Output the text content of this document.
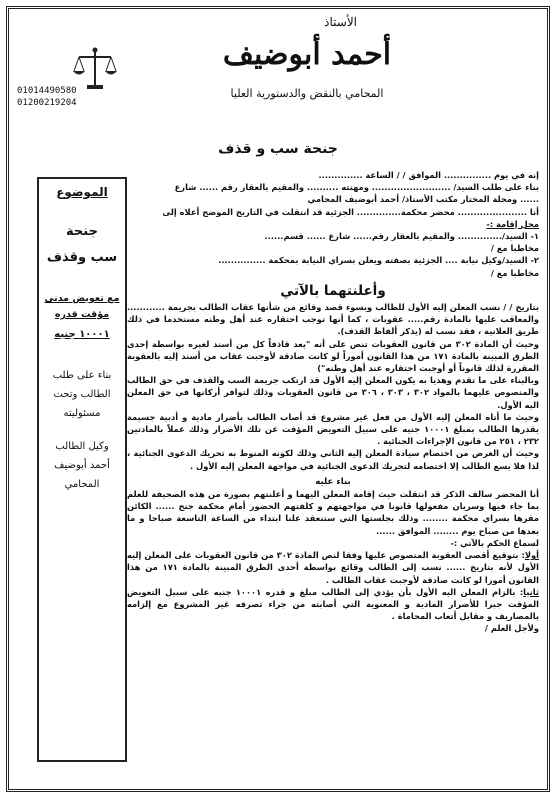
الأستاذ
أحمد أبوضيف
المحامي بالنقض والدستورية العليا
01014490580
01200219204
جنحة سب و قذف

إنه في يوم ............... الموافق / / الساعة ..............

بناء على طلب السيد/ ......................... ومهنته .......... والمقيم بالعقار رقم ...... شارع

...... ومحلة المختار مكتب الأستاذ/ أحمد أبوضيف المحامي

أنا ...................... محضر محكمة.............. الجزئية قد انتقلت في التاريخ الموضح أعلاه إلى

محل إقامة :-

١- السيد/.............. والمقيم بالعقار رقم...... شارع ...... قسم......

مخاطبا مع /

٢- السيد/وكيل نيابة .... الجزئية بصفته ويعلن بسراي النيابة بمحكمة ...............

مخاطبا مع /

وأعلنتهما بالآتي

بتاريخ / / نسب المعلن إليه الأول للطالب وبسوء قصد وقائع من شأنها عقاب الطالب بجريمة ............ والمعاقب عليها بالمادة رقم..... عقوبات ، كما أنها توجب احتقاره عند أهل وطنه مستخدما في ذلك طريق العلانية ، فقد نسب له (يذكر ألفاظ القذف).

وحيث أن المادة ٣٠٢ من قانون العقوبات تنص على أنه "يعد قاذفاً كل من أسند لغيره بواسطة إحدى الطرق المبينة بالمادة ١٧١ من هذا القانون أموراً لو كانت صادقة لأوجبت عقاب من أسند إليه بالعقوبة المقررة لذلك قانوناً أو أوجبت احتقاره عند أهل وطنه")

وبالبناء على ما تقدم وهديا به يكون المعلن إليه الأول قد ارتكب جريمة السب والقذف في حق الطالب والمنصوص عليهما بالمواد ٣٠٢ ، ٣٠٣ ، ٣٠٦ من قانون العقوبات وذلك لتوافر أركانها في حق المعلن اليه الأول.

وحيث ما أتاه المعلن إليه الأول من فعل غير مشروع قد أصاب الطالب بأضرار مادية و أدبية جسيمة يقدرها الطالب بمبلغ ١٠٠٠١ جنيه على سبيل التعويض المؤقت عن تلك الأضرار وذلك عملاً بالمادتين ٢٣٢ ، ٢٥١ من قانون الإجراءات الجنائية .

وحيث أن الغرض من اختصام سيادة المعلن إليه الثاني وذلك لكونه المنوط به تحريك الدعوى الجنائية ، لذا فلا يسع الطالب إلا اختصامه لتحريك الدعوى الجنائية في مواجهة المعلن إليه الأول .

بناء عليه

أنا المحضر سالف الذكر قد انتقلت حيث إقامة المعلن اليهما و أعلنتهم بصورة من هذه الصحيفة للعلم بما جاء فيها وسريان مفعولها قانونا في مواجهتهم و كلفتهم الحضور أمام محكمة جنح ...... الكائن مقرها بسراي محكمة ........ وذلك بجلستها التي ستنعقد علنا ابتداء من الساعة التاسعة صباحا و ما بعدها من صباح يوم ........ الموافق ......

لسماع الحكم بالآتي :-

أولا: بتوقيع أقصى العقوبة المنصوص عليها وفقا لنص المادة ٣٠٢ من قانون العقوبات على المعلن إليه الأول لأنه بتاريخ ...... نسب إلى الطالب وقائع بواسطة أحدى الطرق المبينة بالمادة ١٧١ من هذا القانون أمورا لو كانت صادقة لأوجبت عقاب الطالب .

ثانيا: بالزام المعلن اليه الأول بأن يؤدي إلى الطالب مبلغ و قدره ١٠٠٠١ جنيه على سبيل التعويض المؤقت جبرا للأضرار المادية و المعنوية التي أصابته من جراء تصرفه غير المشروع مع إلزامه بالمصاريف و مقابل أتعاب المحاماة .

ولأجل العلم /

الموضوع
جنحة
سب وقذف
مع تعويض مدني
مؤقت قدره
١٠٠٠١ جنيه
بناء على طلب
الطالب وتحت
مسئوليته
وكيل الطالب
أحمد أبوضيف
المحامي
